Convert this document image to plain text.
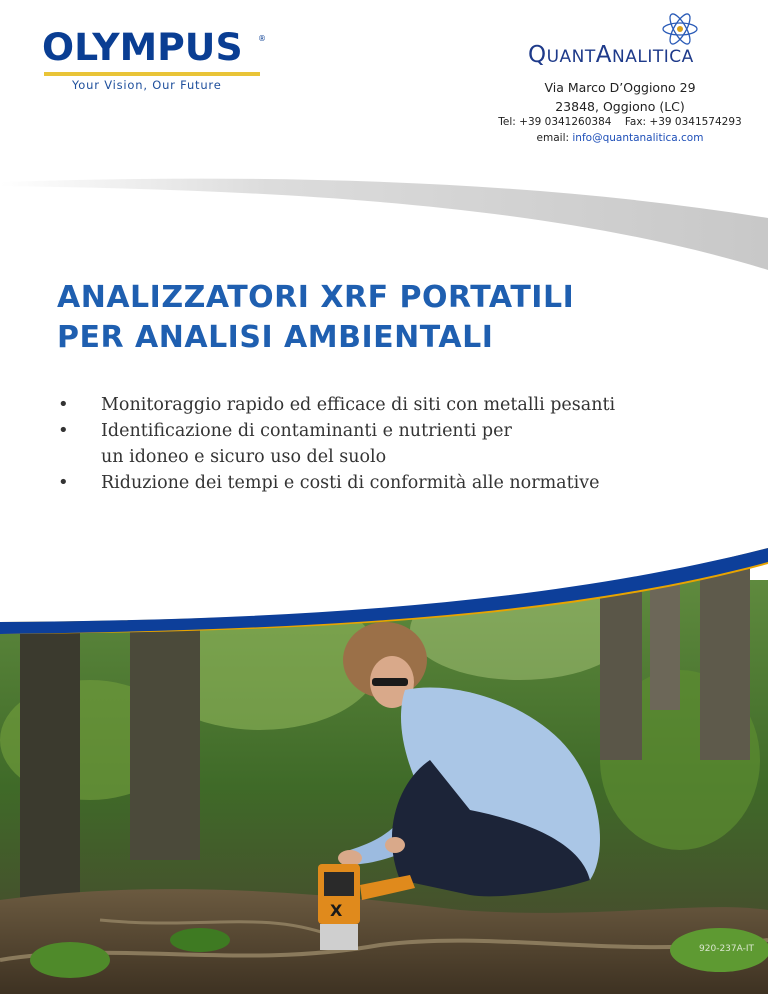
OLYMPUS ®
Your Vision, Our Future
QUANTANALITICA
Via Marco D’Oggiono 29
23848, Oggiono (LC)
Tel: +39 0341260384 Fax: +39 0341574293
email: info@quantanalitica.com
ANALIZZATORI XRF PORTATILI
PER ANALISI AMBIENTALI
• Monitoraggio rapido ed efficace di siti con metalli pesanti
• Identificazione di contaminanti e nutrienti per
un idoneo e sicuro uso del suolo
• Riduzione dei tempi e costi di conformità alle normative
X
920-237A-IT
